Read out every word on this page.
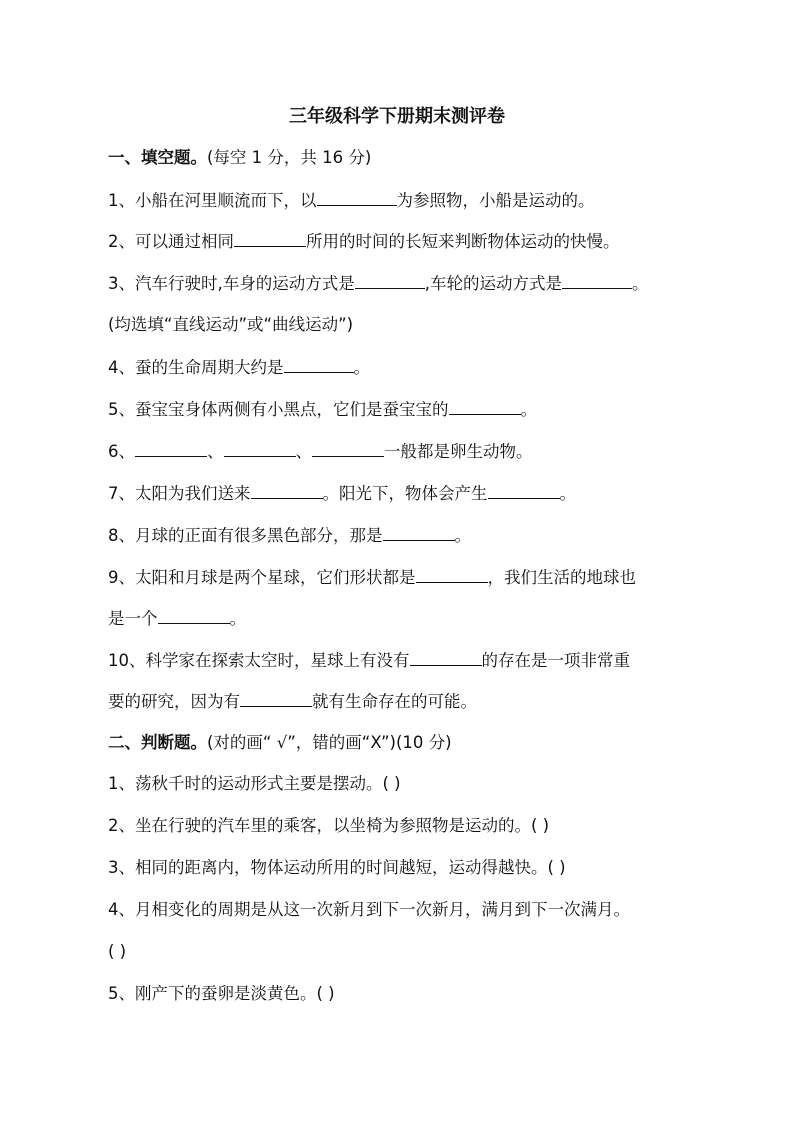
三年级科学下册期末测评卷
一、填空题。(每空 1 分，共 16 分)
1、小船在河里顺流而下，以	为参照物，小船是运动的。
2、可以通过相同	所用的时间的长短来判断物体运动的快慢。
3、汽车行驶时,车身的运动方式是	,车轮的运动方式是	。
(均选填“直线运动”或“曲线运动”)
4、蚕的生命周期大约是	。
5、蚕宝宝身体两侧有小黑点，它们是蚕宝宝的	。
6、	、	、	一般都是卵生动物。
7、太阳为我们送来	。阳光下，物体会产生	。
8、月球的正面有很多黑色部分，那是	。
9、太阳和月球是两个星球，它们形状都是	，我们生活的地球也
是一个	。
10、科学家在探索太空时，星球上有没有	的存在是一项非常重
要的研究，因为有	就有生命存在的可能。
二、判断题。(对的画“ √”，错的画“X”)(10 分)
1、荡秋千时的运动形式主要是摆动。( )
2、坐在行驶的汽车里的乘客，以坐椅为参照物是运动的。( )
3、相同的距离内，物体运动所用的时间越短，运动得越快。( )
4、月相变化的周期是从这一次新月到下一次新月，满月到下一次满月。
( )
5、刚产下的蚕卵是淡黄色。( )
